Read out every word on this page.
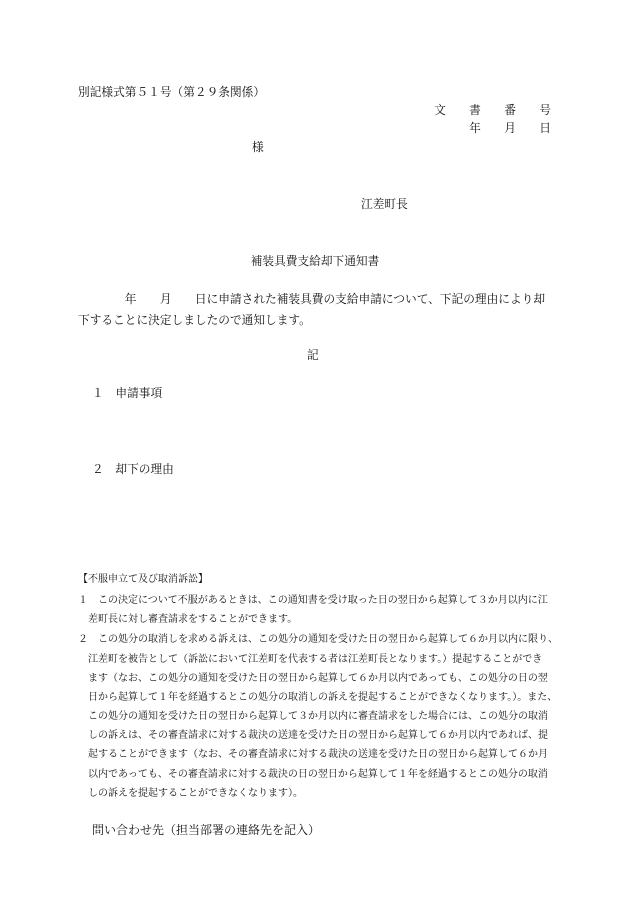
別記様式第５１号（第２９条関係）
文　　書　　番　　号
年　　月　　日
様
江差町長
補装具費支給却下通知書
　　　　年　　月　　日に申請された補装具費の支給申請について、下記の理由により却
下することに決定しましたので通知します。
記
１　申請事項
２　却下の理由
【不服申立て及び取消訴訟】
１　この決定について不服があるときは、この通知書を受け取った日の翌日から起算して３か月以内に江
差町長に対し審査請求をすることができます。
２　この処分の取消しを求める訴えは、この処分の通知を受けた日の翌日から起算して６か月以内に限り、
江差町を被告として（訴訟において江差町を代表する者は江差町長となります。）提起することができ
ます（なお、この処分の通知を受けた日の翌日から起算して６か月以内であっても、この処分の日の翌
日から起算して１年を経過するとこの処分の取消しの訴えを提起することができなくなります。）。また、
この処分の通知を受けた日の翌日から起算して３か月以内に審査請求をした場合には、この処分の取消
しの訴えは、その審査請求に対する裁決の送達を受けた日の翌日から起算して６か月以内であれば、提
起することができます（なお、その審査請求に対する裁決の送達を受けた日の翌日から起算して６か月
以内であっても、その審査請求に対する裁決の日の翌日から起算して１年を経過するとこの処分の取消
しの訴えを提起することができなくなります）。
問い合わせ先（担当部署の連絡先を記入）
